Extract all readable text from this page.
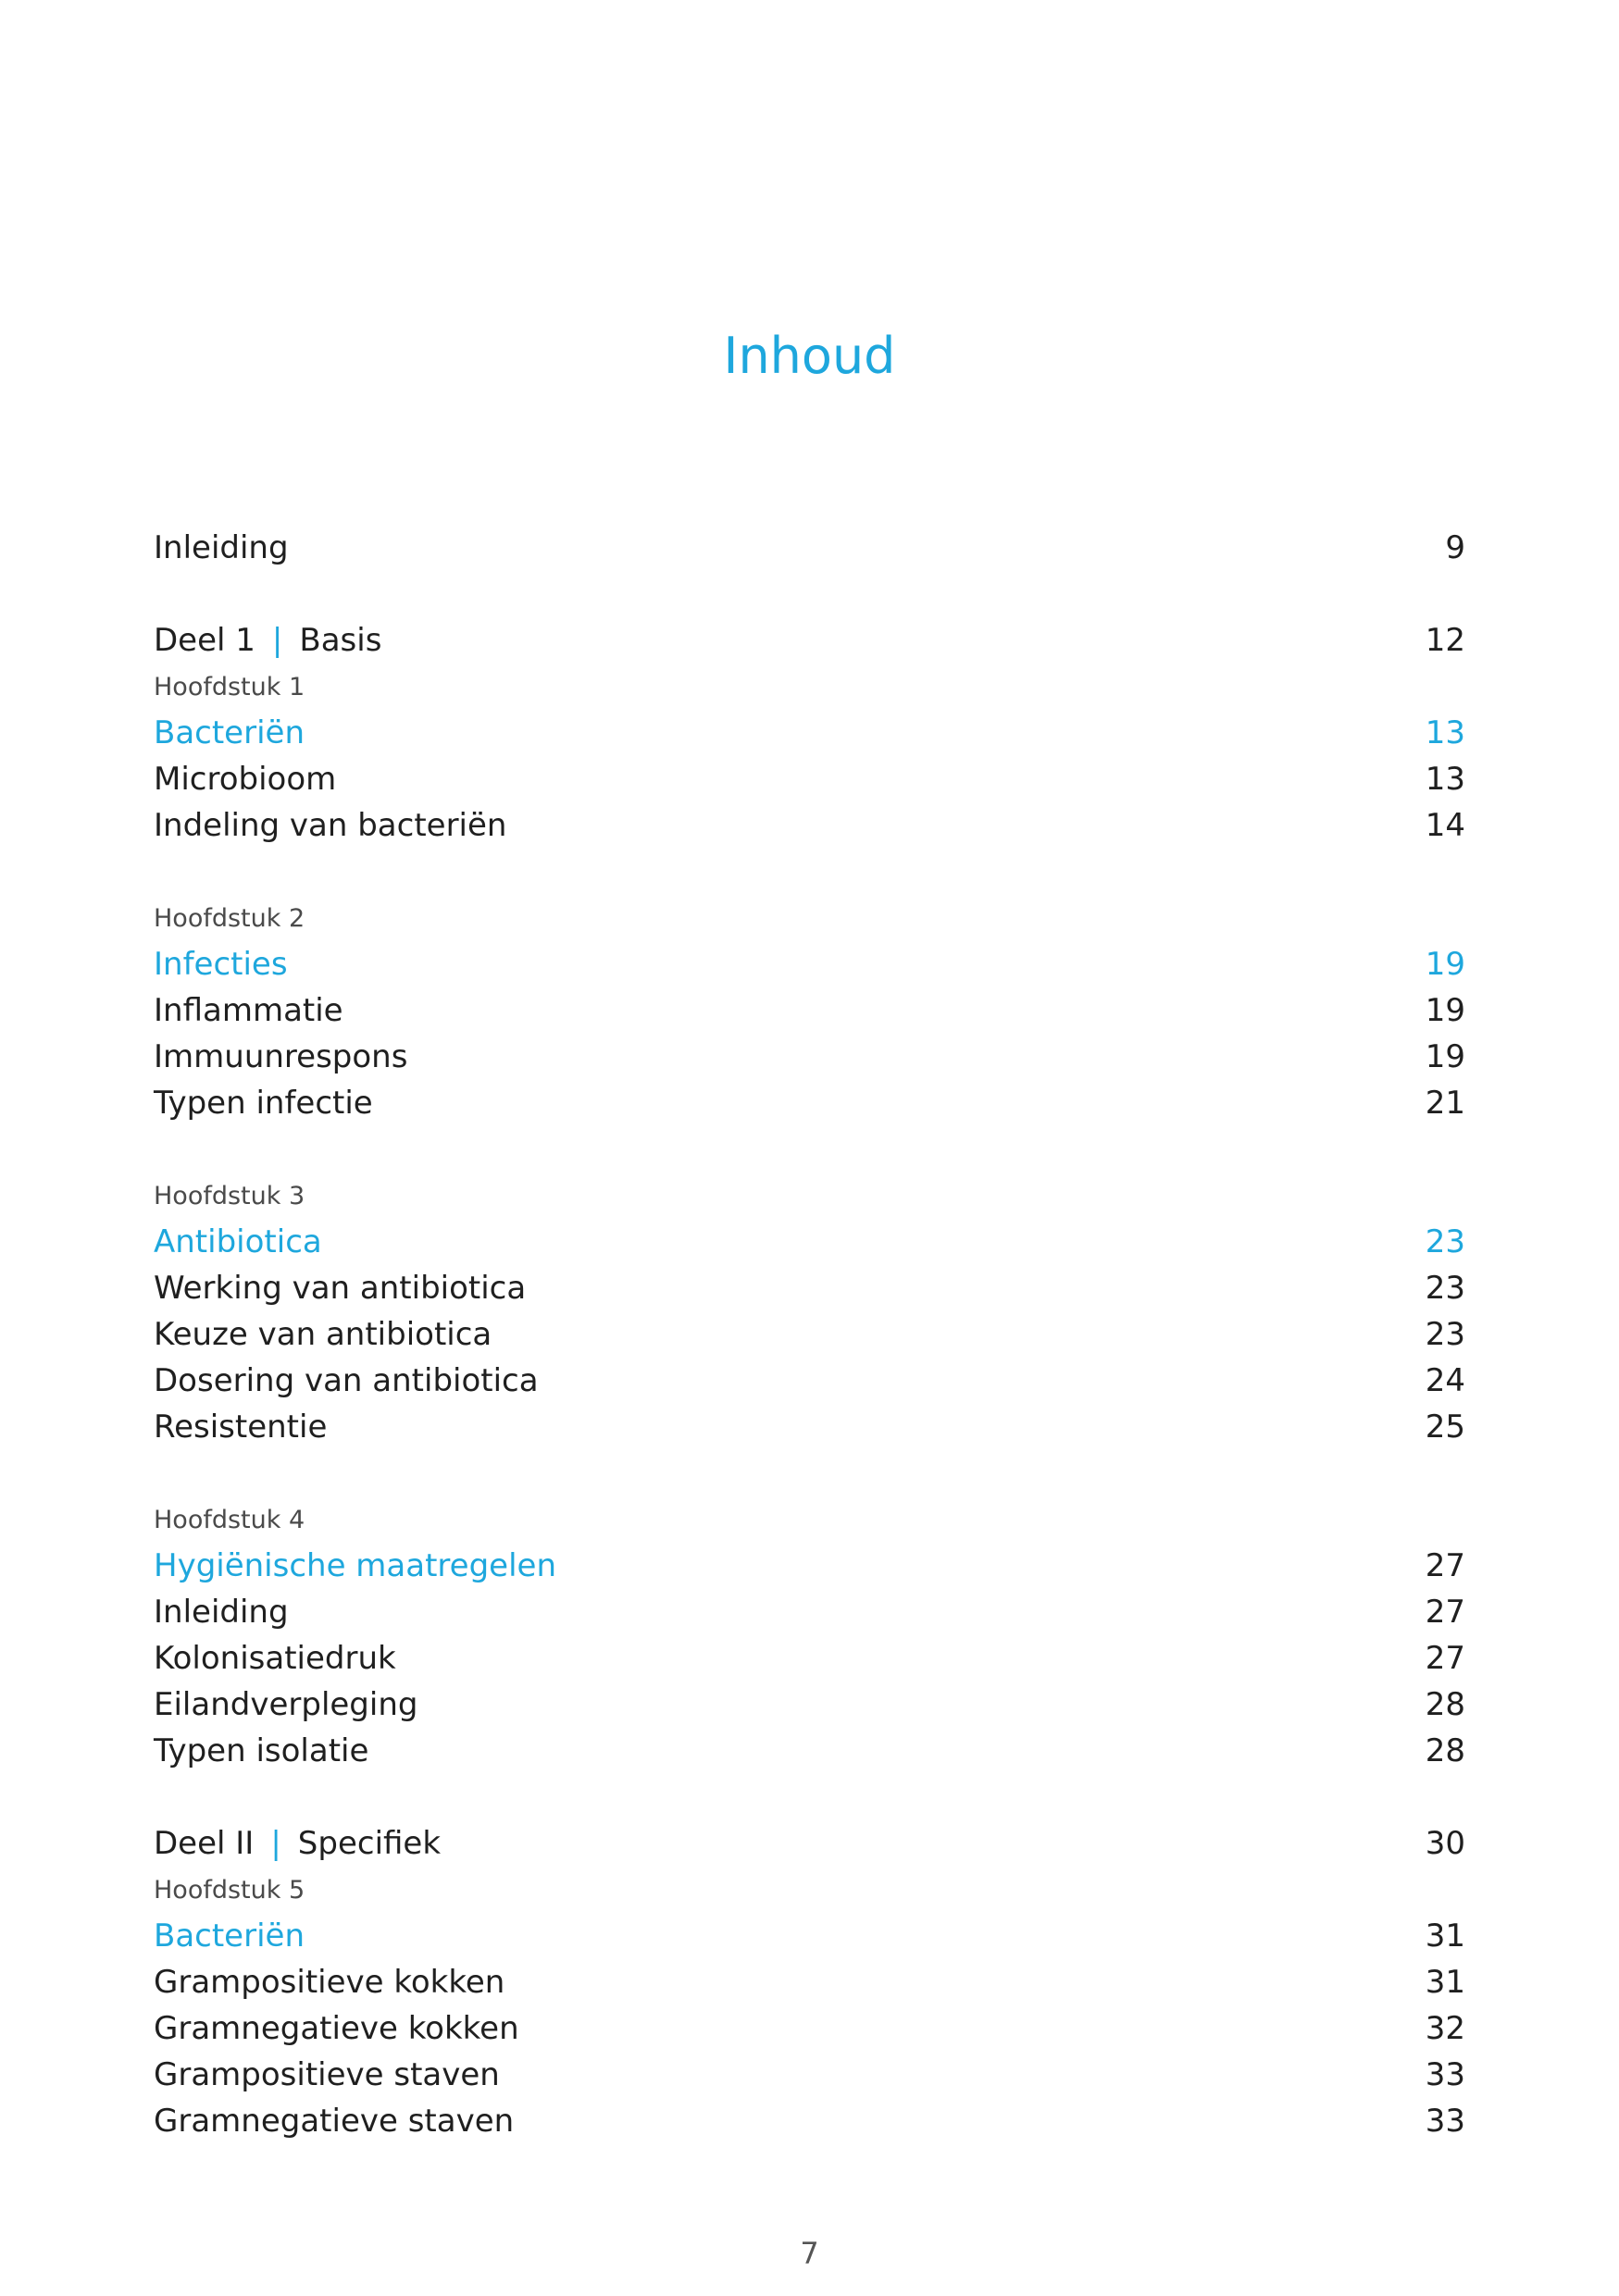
Inhoud
Inleiding	9
Deel 1 | Basis	12
Hoofdstuk 1
Bacteriën	13
Microbioom	13
Indeling van bacteriën	14
Hoofdstuk 2
Infecties	19
Inflammatie	19
Immuunrespons	19
Typen infectie	21
Hoofdstuk 3
Antibiotica	23
Werking van antibiotica	23
Keuze van antibiotica	23
Dosering van antibiotica	24
Resistentie	25
Hoofdstuk 4
Hygiënische maatregelen	27
Inleiding	27
Kolonisatiedruk	27
Eilandverpleging	28
Typen isolatie	28
Deel II | Specifiek	30
Hoofdstuk 5
Bacteriën	31
Grampositieve kokken	31
Gramnegatieve kokken	32
Grampositieve staven	33
Gramnegatieve staven	33
7
